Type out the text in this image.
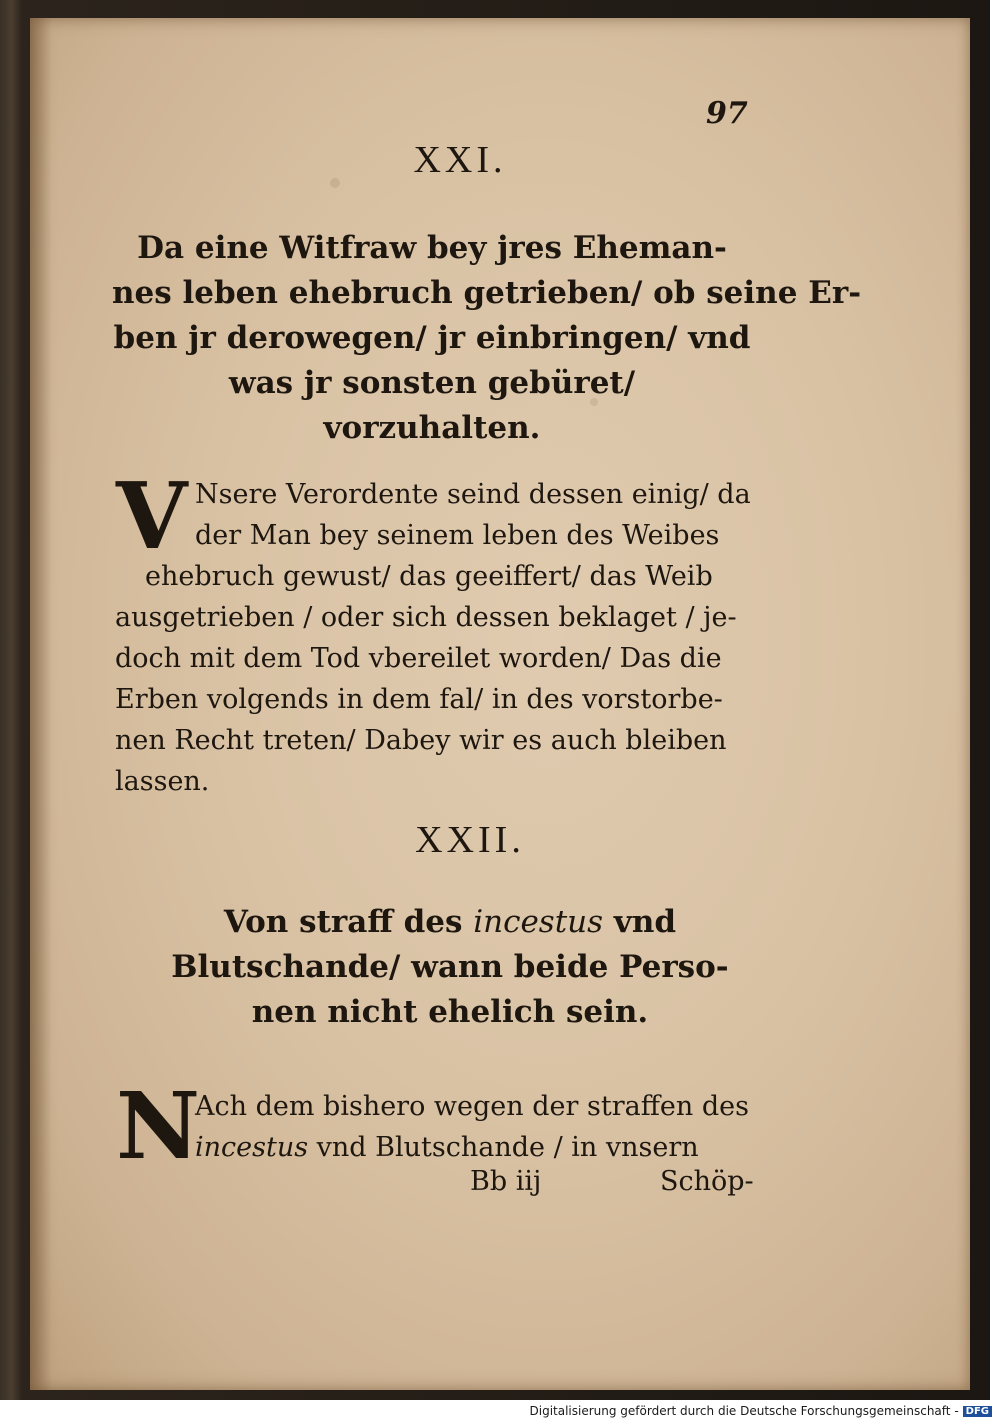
97
XXI.
Da eine Witfraw bey jres Eheman-
nes leben ehebruch getrieben/ ob seine Er-
ben jr derowegen/ jr einbringen/ vnd
was jr sonsten gebüret/
vorzuhalten.
V Nsere Verordente seind dessen einig/ da
der Man bey seinem leben des Weibes
ehebruch gewust/ das geeiffert/ das Weib
ausgetrieben / oder sich dessen beklaget / je-
doch mit dem Tod vbereilet worden/ Das die
Erben volgends in dem fal/ in des vorstorbe-
nen Recht treten/ Dabey wir es auch bleiben
lassen.
XXII.
Von straff des incestus vnd
Blutschande/ wann beide Perso-
nen nicht ehelich sein.
N
Ach dem bishero wegen der straffen des
incestus vnd Blutschande / in vnsern
Bb iij	Schöp-
Digitalisierung gefördert durch die Deutsche Forschungsgemeinschaft - DFG
